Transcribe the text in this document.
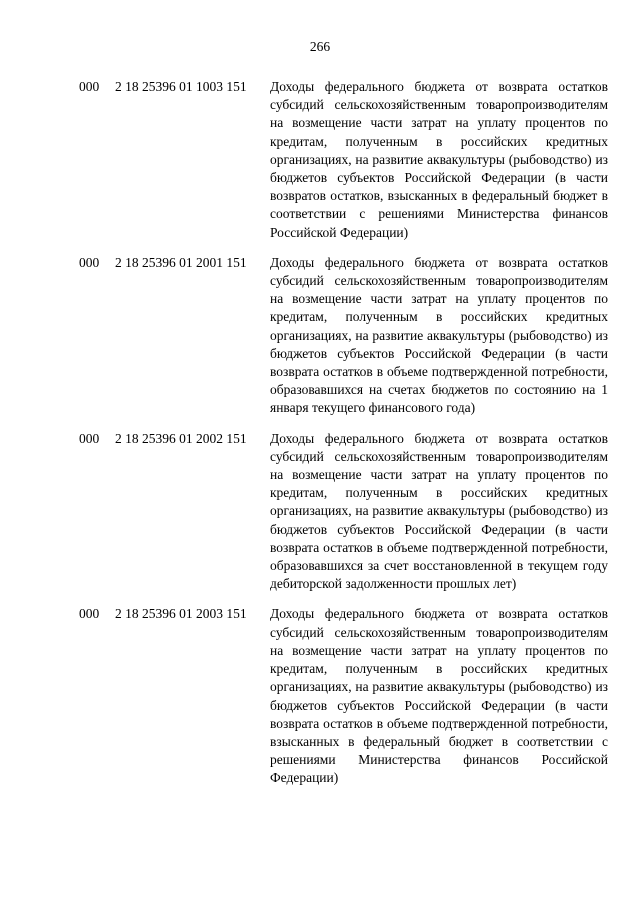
266
000 2 18 25396 01 1003 151 Доходы федерального бюджета от возврата остатков субсидий сельскохозяйственным товаропроизводителям на возмещение части затрат на уплату процентов по кредитам, полученным в российских кредитных организациях, на развитие аквакультуры (рыбоводство) из бюджетов субъектов Российской Федерации (в части возвратов остатков, взысканных в федеральный бюджет в соответствии с решениями Министерства финансов Российской Федерации)
000 2 18 25396 01 2001 151 Доходы федерального бюджета от возврата остатков субсидий сельскохозяйственным товаропроизводителям на возмещение части затрат на уплату процентов по кредитам, полученным в российских кредитных организациях, на развитие аквакультуры (рыбоводство) из бюджетов субъектов Российской Федерации (в части возврата остатков в объеме подтвержденной потребности, образовавшихся на счетах бюджетов по состоянию на 1 января текущего финансового года)
000 2 18 25396 01 2002 151 Доходы федерального бюджета от возврата остатков субсидий сельскохозяйственным товаропроизводителям на возмещение части затрат на уплату процентов по кредитам, полученным в российских кредитных организациях, на развитие аквакультуры (рыбоводство) из бюджетов субъектов Российской Федерации (в части возврата остатков в объеме подтвержденной потребности, образовавшихся за счет восстановленной в текущем году дебиторской задолженности прошлых лет)
000 2 18 25396 01 2003 151 Доходы федерального бюджета от возврата остатков субсидий сельскохозяйственным товаропроизводителям на возмещение части затрат на уплату процентов по кредитам, полученным в российских кредитных организациях, на развитие аквакультуры (рыбоводство) из бюджетов субъектов Российской Федерации (в части возврата остатков в объеме подтвержденной потребности, взысканных в федеральный бюджет в соответствии с решениями Министерства финансов Российской Федерации)
